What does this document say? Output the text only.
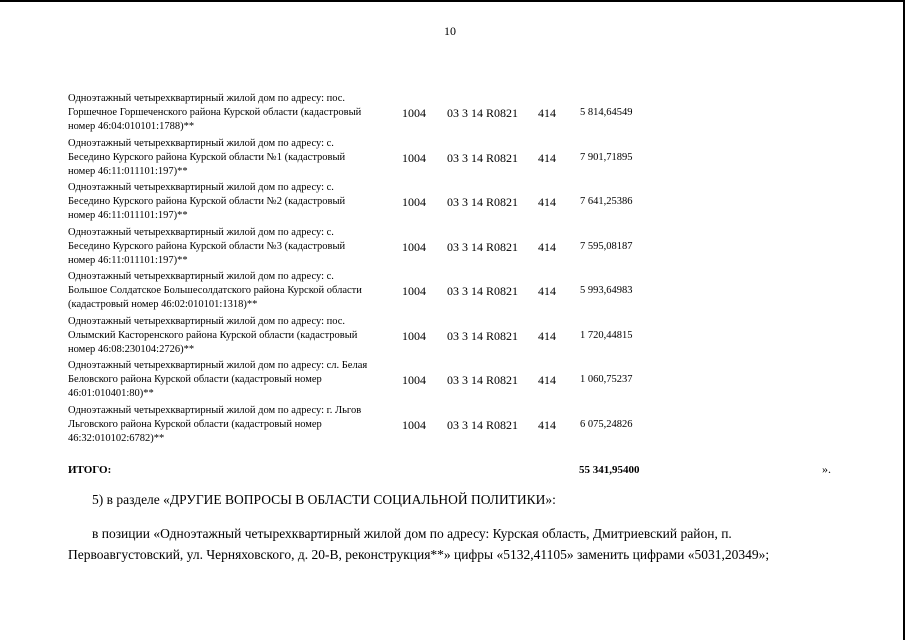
10
Одноэтажный четырехквартирный жилой дом по адресу: пос.
Горшечное Горшеченского района Курской области (кадастровый
номер 46:04:010101:1788)**
1004 03 3 14 R0821 414 5 814,64549
Одноэтажный четырехквартирный жилой дом по адресу: с.
Беседино Курского района Курской области №1 (кадастровый
номер 46:11:011101:197)**
1004 03 3 14 R0821 414 7 901,71895
Одноэтажный четырехквартирный жилой дом по адресу: с.
Беседино Курского района Курской области №2 (кадастровый
номер 46:11:011101:197)**
1004 03 3 14 R0821 414 7 641,25386
Одноэтажный четырехквартирный жилой дом по адресу: с.
Беседино Курского района Курской области №3 (кадастровый
номер 46:11:011101:197)**
1004 03 3 14 R0821 414 7 595,08187
Одноэтажный четырехквартирный жилой дом по адресу: с.
Большое Солдатское Большесолдатского района Курской области
(кадастровый номер 46:02:010101:1318)**
1004 03 3 14 R0821 414 5 993,64983
Одноэтажный четырехквартирный жилой дом по адресу: пос.
Олымский Касторенского района Курской области (кадастровый
номер 46:08:230104:2726)**
1004 03 3 14 R0821 414 1 720,44815
Одноэтажный четырехквартирный жилой дом по адресу: сл. Белая
Беловского района Курской области (кадастровый номер
46:01:010401:80)**
1004 03 3 14 R0821 414 1 060,75237
Одноэтажный четырехквартирный жилой дом по адресу: г. Льгов
Льговского района Курской области (кадастровый номер
46:32:010102:6782)**
1004 03 3 14 R0821 414 6 075,24826
ИТОГО:	55 341,95400	».
5) в разделе «ДРУГИЕ ВОПРОСЫ В ОБЛАСТИ СОЦИАЛЬНОЙ ПОЛИТИКИ»:
в позиции «Одноэтажный четырехквартирный жилой дом по адресу: Курская область, Дмитриевский район, п. Первоавгустовский, ул. Черняховского, д. 20-В, реконструкция**» цифры «5132,41105» заменить цифрами «5031,20349»;
